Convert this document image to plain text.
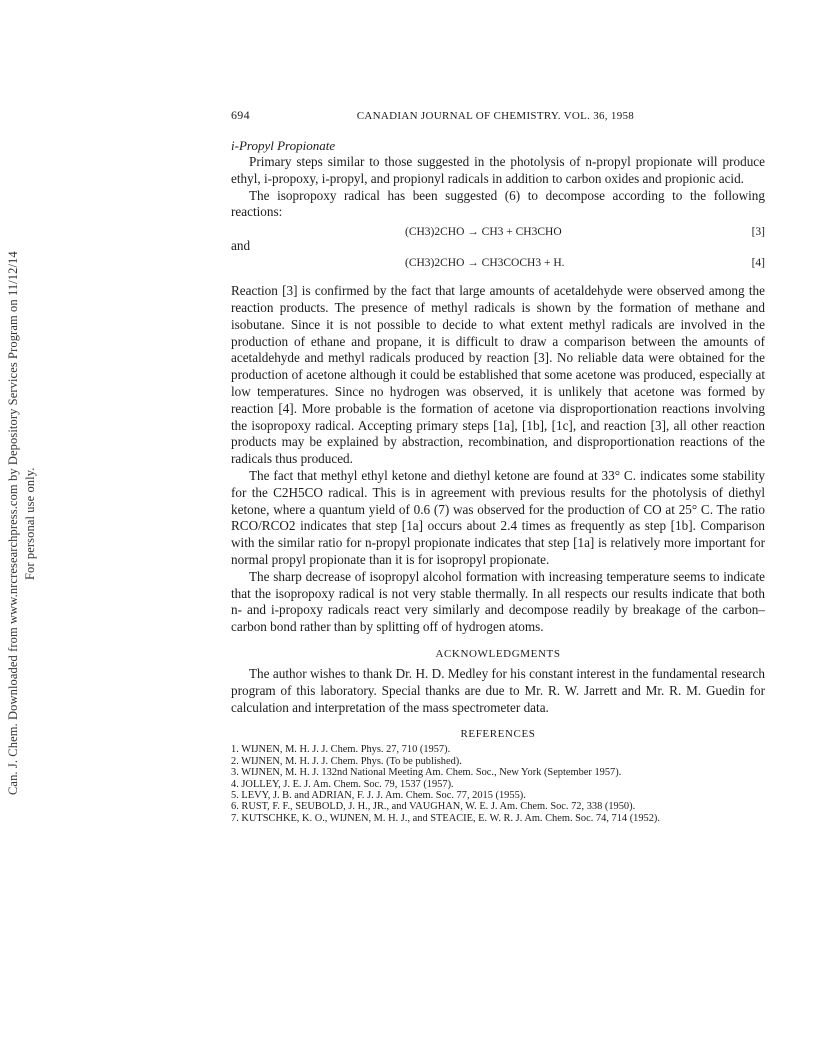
Can. J. Chem. Downloaded from www.nrcresearchpress.com by Depository Services Program on 11/12/14 For personal use only.
694	CANADIAN JOURNAL OF CHEMISTRY. VOL. 36, 1958
i-Propyl Propionate

Primary steps similar to those suggested in the photolysis of n-propyl propionate will produce ethyl, i-propoxy, i-propyl, and propionyl radicals in addition to carbon oxides and propionic acid.

The isopropoxy radical has been suggested (6) to decompose according to the following reactions:

(CH3)2CHO → CH3 + CH3CHO	[3]
and
(CH3)2CHO → CH3COCH3 + H.	[4]

Reaction [3] is confirmed by the fact that large amounts of acetaldehyde were observed among the reaction products. The presence of methyl radicals is shown by the formation of methane and isobutane. Since it is not possible to decide to what extent methyl radicals are involved in the production of ethane and propane, it is difficult to draw a comparison between the amounts of acetaldehyde and methyl radicals produced by reaction [3]. No reliable data were obtained for the production of acetone although it could be established that some acetone was produced, especially at low temperatures. Since no hydrogen was observed, it is unlikely that acetone was formed by reaction [4]. More probable is the formation of acetone via disproportionation reactions involving the isopropoxy radical. Accepting primary steps [1a], [1b], [1c], and reaction [3], all other reaction products may be explained by abstraction, recombination, and disproportionation reactions of the radicals thus produced.

The fact that methyl ethyl ketone and diethyl ketone are found at 33° C. indicates some stability for the C2H5CO radical. This is in agreement with previous results for the photolysis of diethyl ketone, where a quantum yield of 0.6 (7) was observed for the production of CO at 25° C. The ratio RCO/RCO2 indicates that step [1a] occurs about 2.4 times as frequently as step [1b]. Comparison with the similar ratio for n-propyl propionate indicates that step [1a] is relatively more important for normal propyl propionate than it is for isopropyl propionate.

The sharp decrease of isopropyl alcohol formation with increasing temperature seems to indicate that the isopropoxy radical is not very stable thermally. In all respects our results indicate that both n- and i-propoxy radicals react very similarly and decompose readily by breakage of the carbon–carbon bond rather than by splitting off of hydrogen atoms.

ACKNOWLEDGMENTS

The author wishes to thank Dr. H. D. Medley for his constant interest in the fundamental research program of this laboratory. Special thanks are due to Mr. R. W. Jarrett and Mr. R. M. Guedin for calculation and interpretation of the mass spectrometer data.

REFERENCES
1. WIJNEN, M. H. J. J. Chem. Phys. 27, 710 (1957).
2. WIJNEN, M. H. J. J. Chem. Phys. (To be published).
3. WIJNEN, M. H. J. 132nd National Meeting Am. Chem. Soc., New York (September 1957).
4. JOLLEY, J. E. J. Am. Chem. Soc. 79, 1537 (1957).
5. LEVY, J. B. and ADRIAN, F. J. J. Am. Chem. Soc. 77, 2015 (1955).
6. RUST, F. F., SEUBOLD, J. H., JR., and VAUGHAN, W. E. J. Am. Chem. Soc. 72, 338 (1950).
7. KUTSCHKE, K. O., WIJNEN, M. H. J., and STEACIE, E. W. R. J. Am. Chem. Soc. 74, 714 (1952).
